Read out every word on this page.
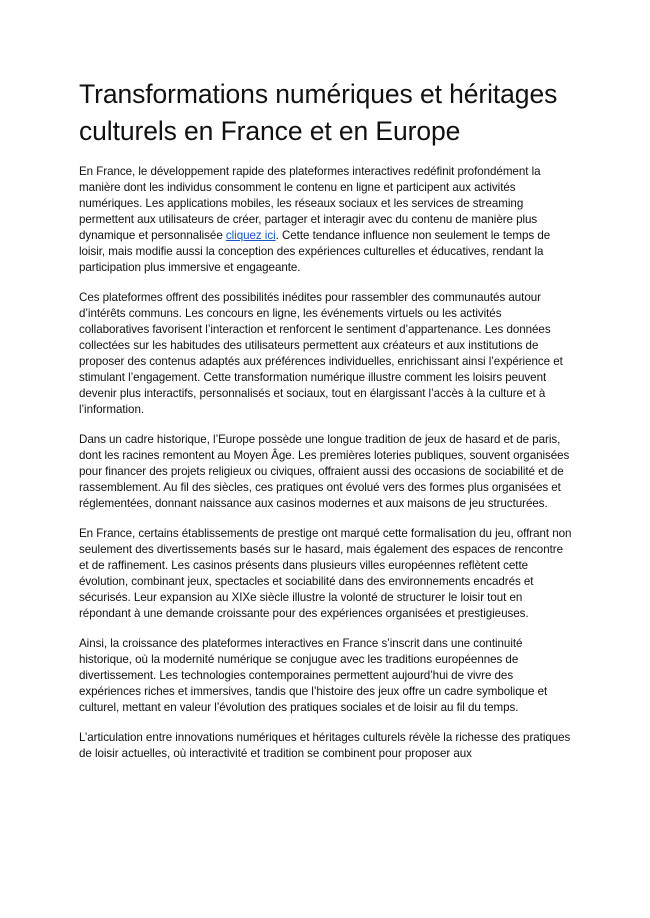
Transformations numériques et héritages culturels en France et en Europe

En France, le développement rapide des plateformes interactives redéfinit profondément la manière dont les individus consomment le contenu en ligne et participent aux activités numériques. Les applications mobiles, les réseaux sociaux et les services de streaming permettent aux utilisateurs de créer, partager et interagir avec du contenu de manière plus dynamique et personnalisée cliquez ici. Cette tendance influence non seulement le temps de loisir, mais modifie aussi la conception des expériences culturelles et éducatives, rendant la participation plus immersive et engageante.

Ces plateformes offrent des possibilités inédites pour rassembler des communautés autour d’intérêts communs. Les concours en ligne, les événements virtuels ou les activités collaboratives favorisent l’interaction et renforcent le sentiment d’appartenance. Les données collectées sur les habitudes des utilisateurs permettent aux créateurs et aux institutions de proposer des contenus adaptés aux préférences individuelles, enrichissant ainsi l’expérience et stimulant l’engagement. Cette transformation numérique illustre comment les loisirs peuvent devenir plus interactifs, personnalisés et sociaux, tout en élargissant l’accès à la culture et à l’information.

Dans un cadre historique, l’Europe possède une longue tradition de jeux de hasard et de paris, dont les racines remontent au Moyen Âge. Les premières loteries publiques, souvent organisées pour financer des projets religieux ou civiques, offraient aussi des occasions de sociabilité et de rassemblement. Au fil des siècles, ces pratiques ont évolué vers des formes plus organisées et réglementées, donnant naissance aux casinos modernes et aux maisons de jeu structurées.

En France, certains établissements de prestige ont marqué cette formalisation du jeu, offrant non seulement des divertissements basés sur le hasard, mais également des espaces de rencontre et de raffinement. Les casinos présents dans plusieurs villes européennes reflètent cette évolution, combinant jeux, spectacles et sociabilité dans des environnements encadrés et sécurisés. Leur expansion au XIXe siècle illustre la volonté de structurer le loisir tout en répondant à une demande croissante pour des expériences organisées et prestigieuses.

Ainsi, la croissance des plateformes interactives en France s’inscrit dans une continuité historique, où la modernité numérique se conjugue avec les traditions européennes de divertissement. Les technologies contemporaines permettent aujourd’hui de vivre des expériences riches et immersives, tandis que l’histoire des jeux offre un cadre symbolique et culturel, mettant en valeur l’évolution des pratiques sociales et de loisir au fil du temps.

L’articulation entre innovations numériques et héritages culturels révèle la richesse des pratiques de loisir actuelles, où interactivité et tradition se combinent pour proposer aux
